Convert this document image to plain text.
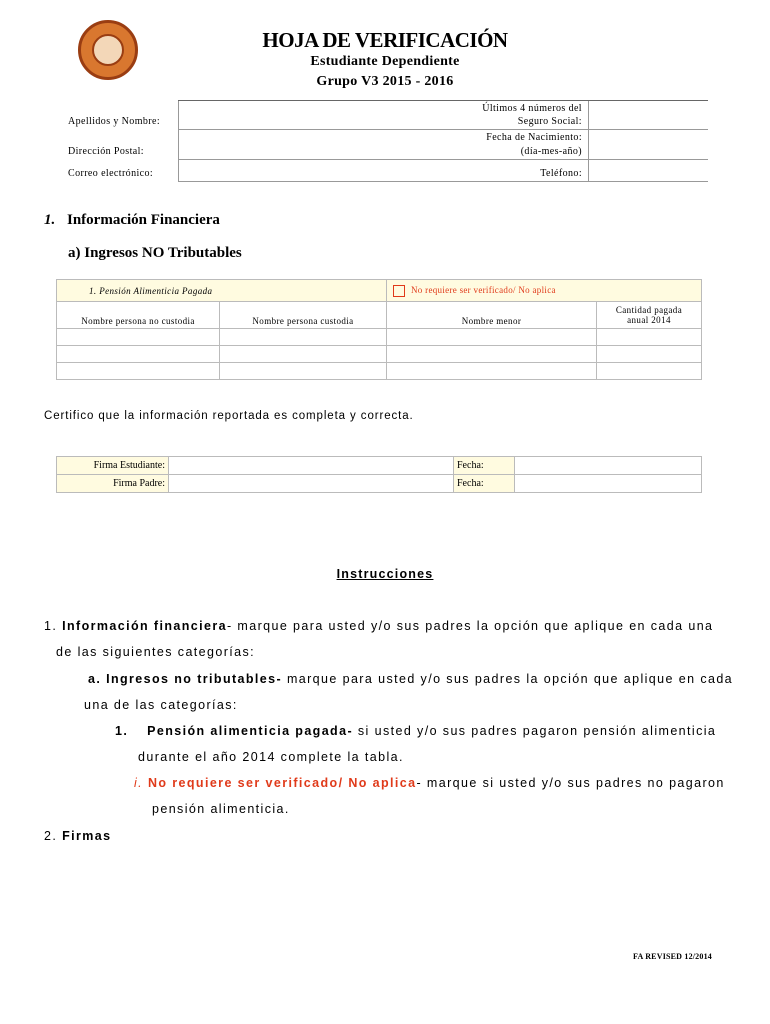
HOJA DE VERIFICACIÓN
Estudiante Dependiente
Grupo V3 2015 - 2016
Apellidos y Nombre:
Últimos 4 números del
Seguro Social:
Fecha de Nacimiento:
(día-mes-año)
Dirección Postal:
Correo electrónico:	Teléfono:
1. Información Financiera
a) Ingresos NO Tributables
1. Pensión Alimenticia Pagada		No requiere ser verificado/ No aplica	
Nombre persona no custodia	Nombre persona custodia	Nombre menor	Cantidad pagada
anual 2014

Certifico que la información reportada es completa y correcta.
Firma Estudiante:		Fecha:	
Firma Padre:		Fecha:	
Instrucciones
1. Información financiera- marque para usted y/o sus padres la opción que aplique en cada una
de las siguientes categorías:
a. Ingresos no tributables- marque para usted y/o sus padres la opción que aplique en cada
una de las categorías:
1. Pensión alimenticia pagada- si usted y/o sus padres pagaron pensión alimenticia
durante el año 2014 complete la tabla.
i. No requiere ser verificado/ No aplica- marque si usted y/o sus padres no pagaron
pensión alimenticia.
2. Firmas
FA REVISED 12/2014
